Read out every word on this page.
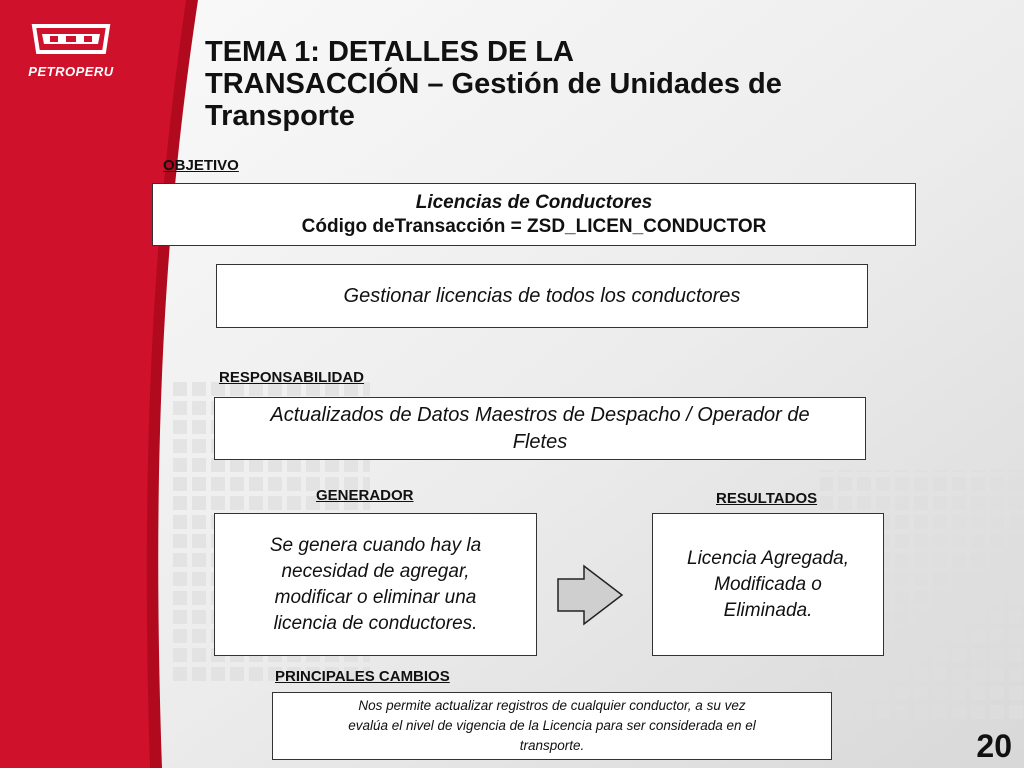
PETROPERU
TEMA 1: DETALLES DE LA
TRANSACCIÓN – Gestión de Unidades de
Transporte
OBJETIVO
Licencias de Conductores
Código deTransacción = ZSD_LICEN_CONDUCTOR
Gestionar licencias de todos los conductores
RESPONSABILIDAD
Actualizados de Datos Maestros de Despacho / Operador de
Fletes
GENERADOR
Se genera cuando hay la
necesidad de agregar,
modificar o eliminar una
licencia de conductores.
RESULTADOS
Licencia Agregada,
Modificada o
Eliminada.
PRINCIPALES CAMBIOS
Nos permite actualizar registros de cualquier conductor, a su vez
evalúa el nivel de vigencia de la Licencia para ser considerada en el
transporte.	20
